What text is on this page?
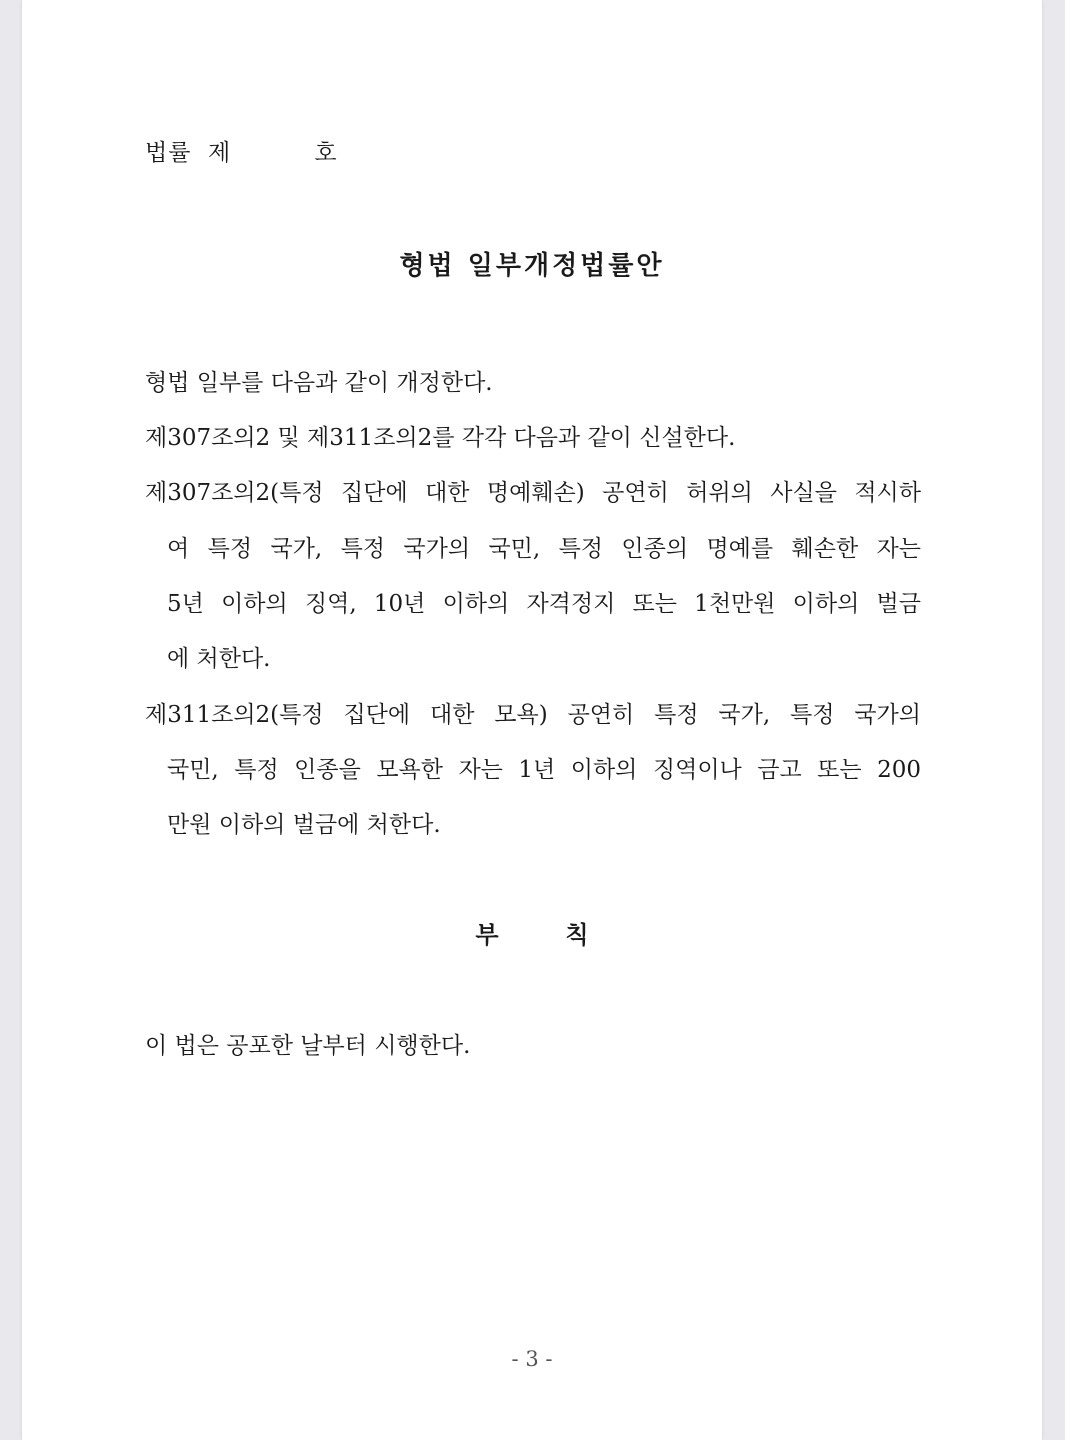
법률  제          호
형법 일부개정법률안
형법 일부를 다음과 같이 개정한다.
제307조의2 및 제311조의2를 각각 다음과 같이 신설한다.
제307조의2(특정 집단에 대한 명예훼손) 공연히 허위의 사실을 적시하
여 특정 국가, 특정 국가의 국민, 특정 인종의 명예를 훼손한 자는
5년 이하의 징역, 10년 이하의 자격정지 또는 1천만원 이하의 벌금
에 처한다.
제311조의2(특정 집단에 대한 모욕) 공연히 특정 국가, 특정 국가의
국민, 특정 인종을 모욕한 자는 1년 이하의 징역이나 금고 또는 200
만원 이하의 벌금에 처한다.
부        칙
이 법은 공포한 날부터 시행한다.
- 3 -
